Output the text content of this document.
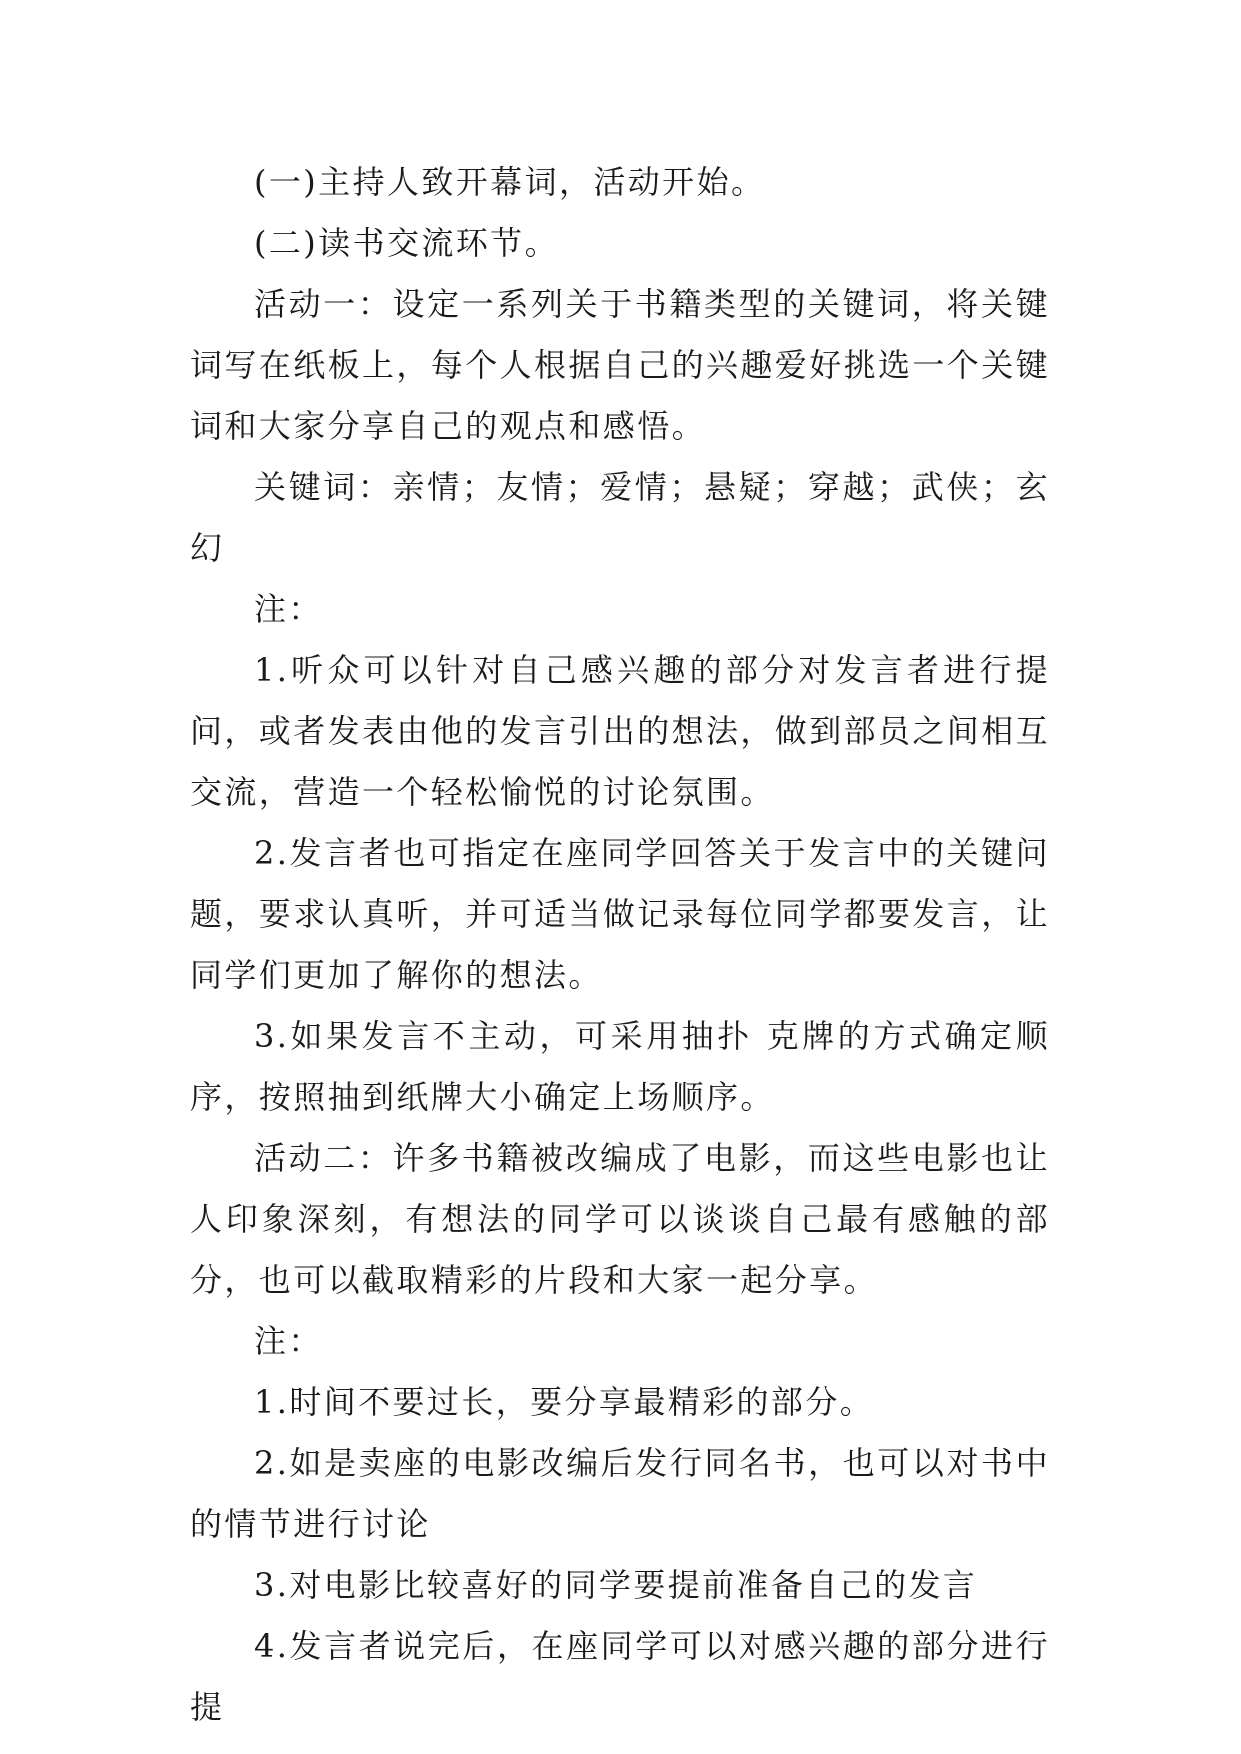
(一)主持人致开幕词，活动开始。

(二)读书交流环节。

活动一：设定一系列关于书籍类型的关键词，将关键词写在纸板上，每个人根据自己的兴趣爱好挑选一个关键词和大家分享自己的观点和感悟。

关键词：亲情；友情；爱情；悬疑；穿越；武侠；玄幻

注：

1.听众可以针对自己感兴趣的部分对发言者进行提问，或者发表由他的发言引出的想法，做到部员之间相互交流，营造一个轻松愉悦的讨论氛围。

2.发言者也可指定在座同学回答关于发言中的关键问题，要求认真听，并可适当做记录每位同学都要发言，让同学们更加了解你的想法。

3.如果发言不主动，可采用抽扑 克牌的方式确定顺序，按照抽到纸牌大小确定上场顺序。

活动二：许多书籍被改编成了电影，而这些电影也让人印象深刻，有想法的同学可以谈谈自己最有感触的部分，也可以截取精彩的片段和大家一起分享。

注：

1.时间不要过长，要分享最精彩的部分。

2.如是卖座的电影改编后发行同名书，也可以对书中的情节进行讨论

3.对电影比较喜好的同学要提前准备自己的发言

4.发言者说完后，在座同学可以对感兴趣的部分进行提
